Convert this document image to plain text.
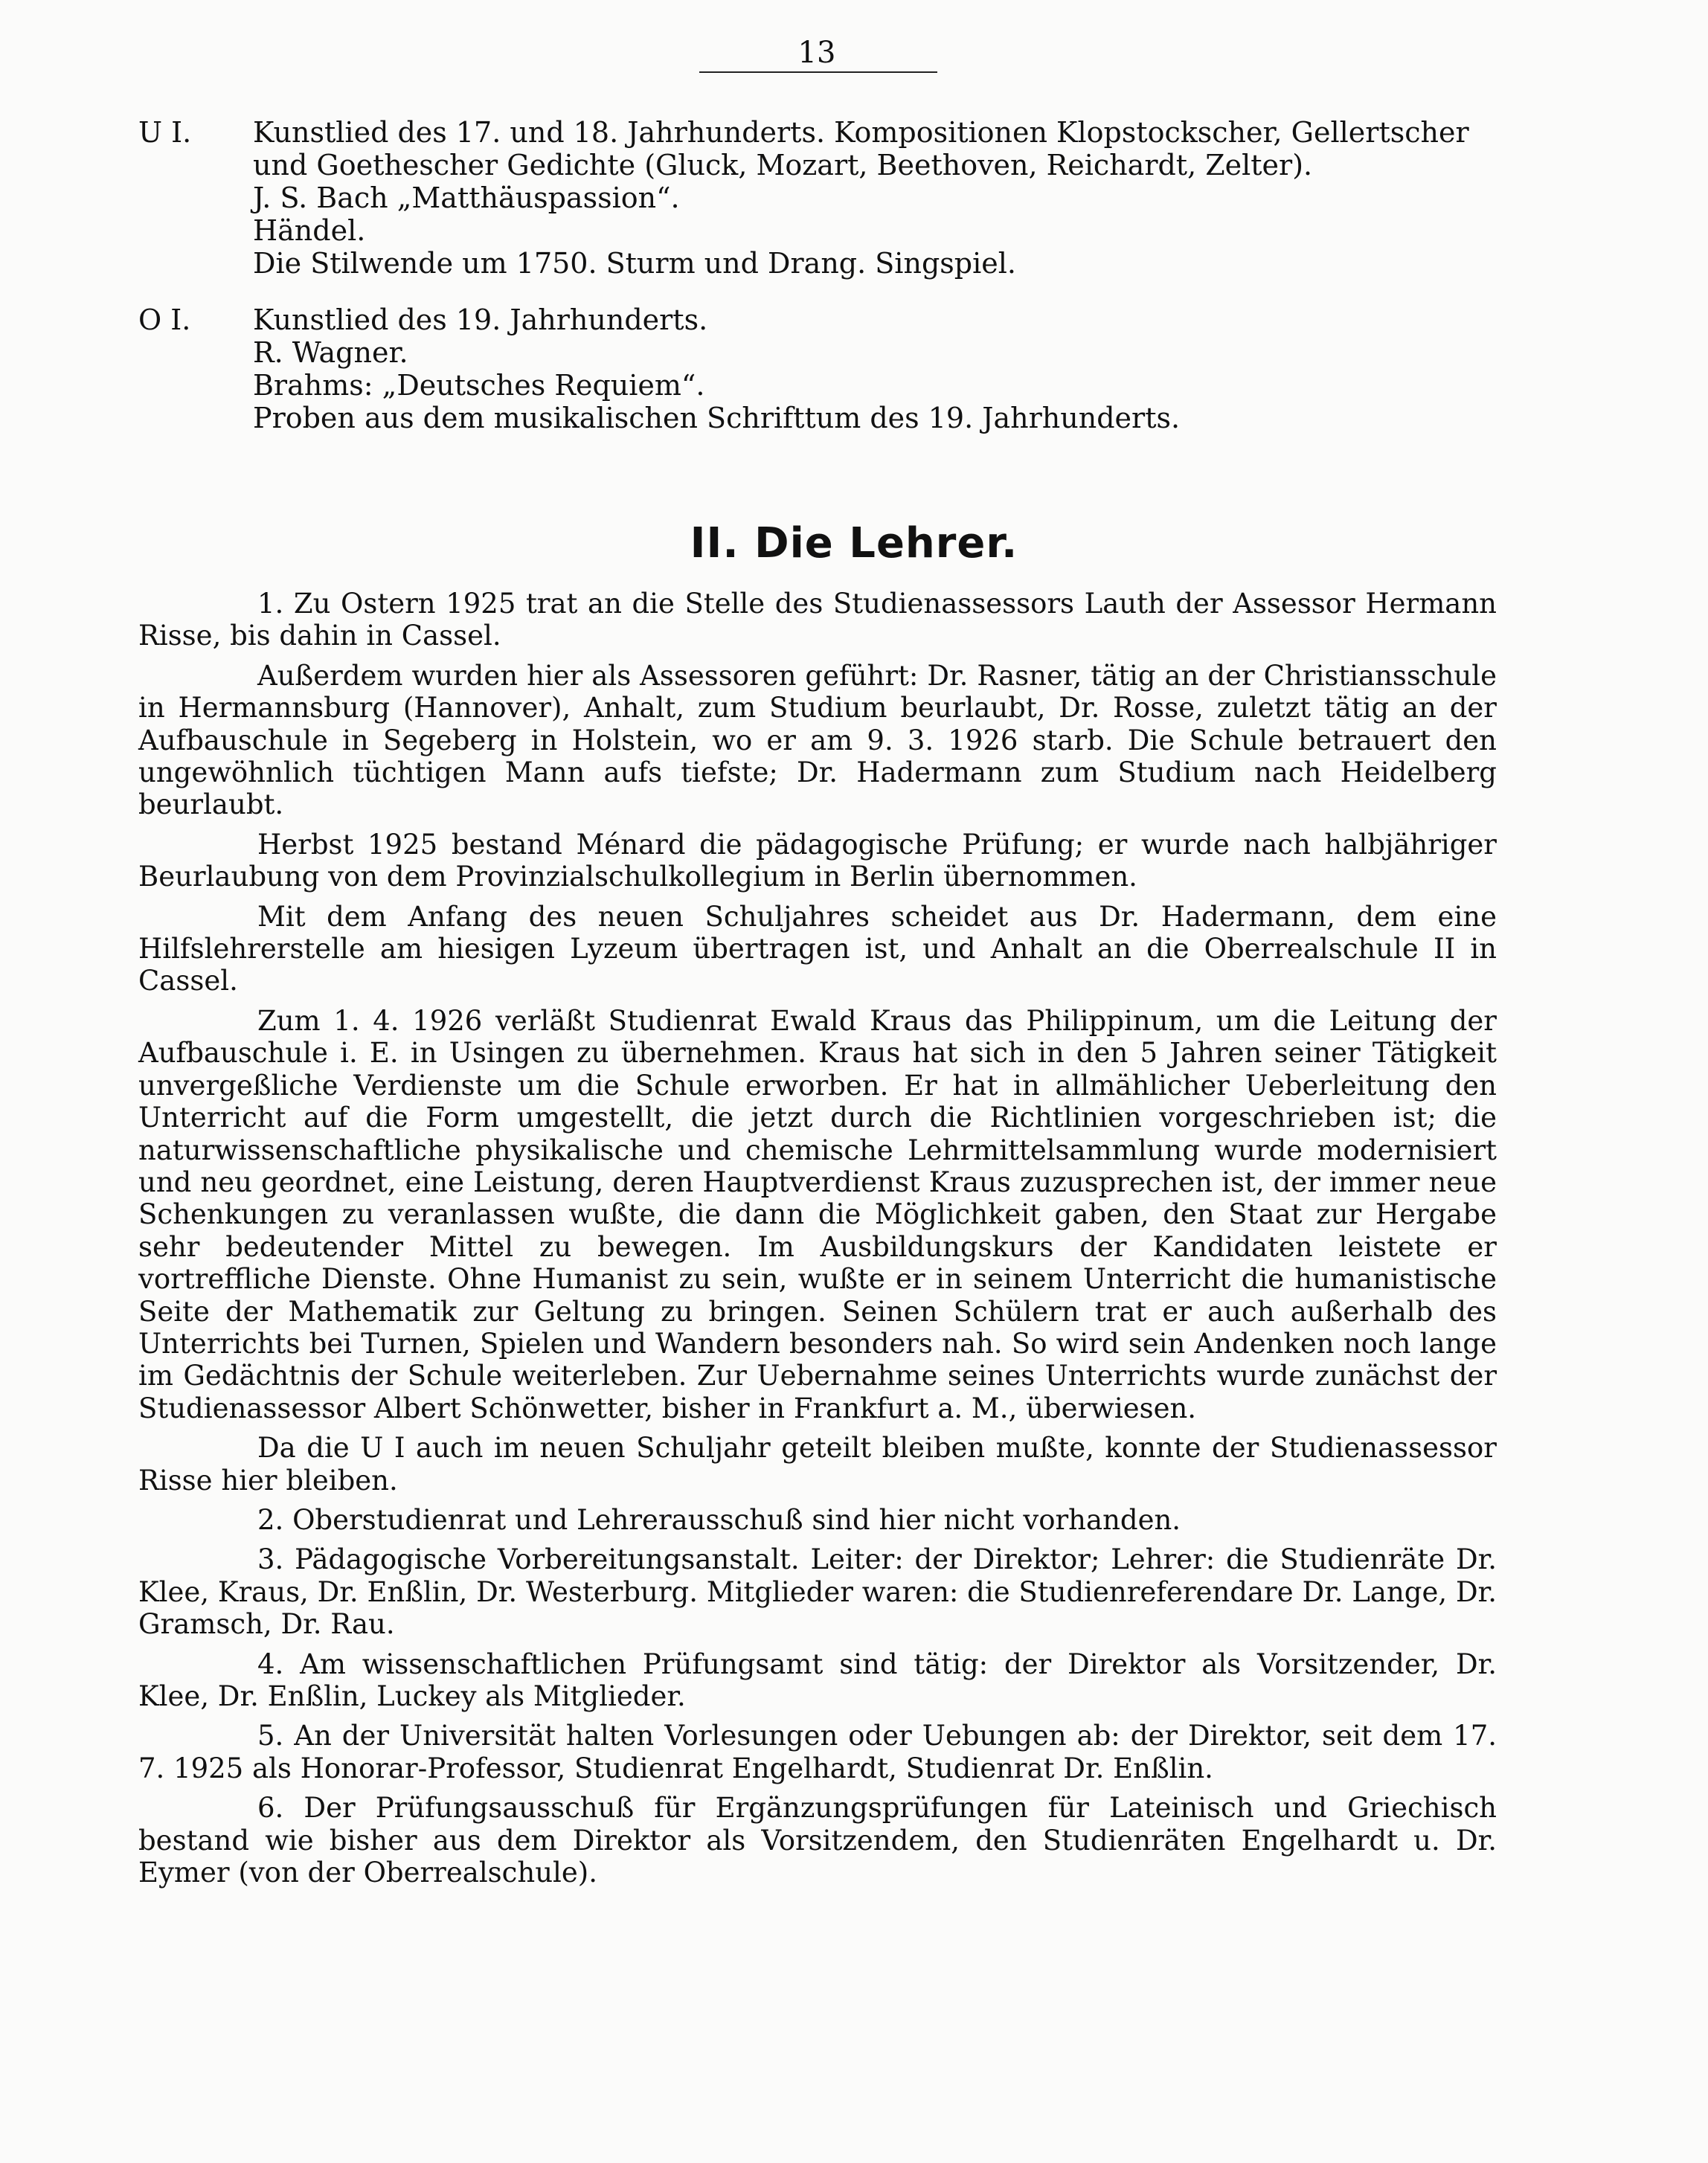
13
U I.	Kunstlied des 17. und 18. Jahrhunderts. Kompositionen Klopstockscher, Gellertscher
und Goethescher Gedichte (Gluck, Mozart, Beethoven, Reichardt, Zelter).
J. S. Bach „Matthäuspassion“.
Händel.
Die Stilwende um 1750. Sturm und Drang. Singspiel.
O I.	Kunstlied des 19. Jahrhunderts.
R. Wagner.
Brahms: „Deutsches Requiem“.
Proben aus dem musikalischen Schrifttum des 19. Jahrhunderts.
II. Die Lehrer.

1. Zu Ostern 1925 trat an die Stelle des Studienassessors Lauth der Assessor Hermann Risse, bis dahin in Cassel.

Außerdem wurden hier als Assessoren geführt: Dr. Rasner, tätig an der Christiansschule in Hermannsburg (Hannover), Anhalt, zum Studium beurlaubt, Dr. Rosse, zuletzt tätig an der Aufbauschule in Segeberg in Holstein, wo er am 9. 3. 1926 starb. Die Schule betrauert den ungewöhnlich tüchtigen Mann aufs tiefste; Dr. Hadermann zum Studium nach Heidelberg beurlaubt.

Herbst 1925 bestand Ménard die pädagogische Prüfung; er wurde nach halbjähriger Beurlaubung von dem Provinzialschulkollegium in Berlin übernommen.

Mit dem Anfang des neuen Schuljahres scheidet aus Dr. Hadermann, dem eine Hilfslehrerstelle am hiesigen Lyzeum übertragen ist, und Anhalt an die Oberrealschule II in Cassel.

Zum 1. 4. 1926 verläßt Studienrat Ewald Kraus das Philippinum, um die Leitung der Aufbauschule i. E. in Usingen zu übernehmen. Kraus hat sich in den 5 Jahren seiner Tätigkeit unvergeßliche Verdienste um die Schule erworben. Er hat in allmählicher Ueberleitung den Unterricht auf die Form umgestellt, die jetzt durch die Richtlinien vorgeschrieben ist; die naturwissenschaftliche physikalische und chemische Lehrmittelsammlung wurde modernisiert und neu geordnet, eine Leistung, deren Hauptverdienst Kraus zuzusprechen ist, der immer neue Schenkungen zu veranlassen wußte, die dann die Möglichkeit gaben, den Staat zur Hergabe sehr bedeutender Mittel zu bewegen. Im Ausbildungskurs der Kandidaten leistete er vortreffliche Dienste. Ohne Humanist zu sein, wußte er in seinem Unterricht die humanistische Seite der Mathematik zur Geltung zu bringen. Seinen Schülern trat er auch außerhalb des Unterrichts bei Turnen, Spielen und Wandern besonders nah. So wird sein Andenken noch lange im Gedächtnis der Schule weiterleben. Zur Uebernahme seines Unterrichts wurde zunächst der Studienassessor Albert Schönwetter, bisher in Frankfurt a. M., überwiesen.

Da die U I auch im neuen Schuljahr geteilt bleiben mußte, konnte der Studienassessor Risse hier bleiben.

2. Oberstudienrat und Lehrerausschuß sind hier nicht vorhanden.

3. Pädagogische Vorbereitungsanstalt. Leiter: der Direktor; Lehrer: die Studienräte Dr. Klee, Kraus, Dr. Enßlin, Dr. Westerburg. Mitglieder waren: die Studienreferendare Dr. Lange, Dr. Gramsch, Dr. Rau.

4. Am wissenschaftlichen Prüfungsamt sind tätig: der Direktor als Vorsitzender, Dr. Klee, Dr. Enßlin, Luckey als Mitglieder.

5. An der Universität halten Vorlesungen oder Uebungen ab: der Direktor, seit dem 17. 7. 1925 als Honorar-Professor, Studienrat Engelhardt, Studienrat Dr. Enßlin.

6. Der Prüfungsausschuß für Ergänzungsprüfungen für Lateinisch und Griechisch bestand wie bisher aus dem Direktor als Vorsitzendem, den Studienräten Engelhardt u. Dr. Eymer (von der Oberrealschule).
